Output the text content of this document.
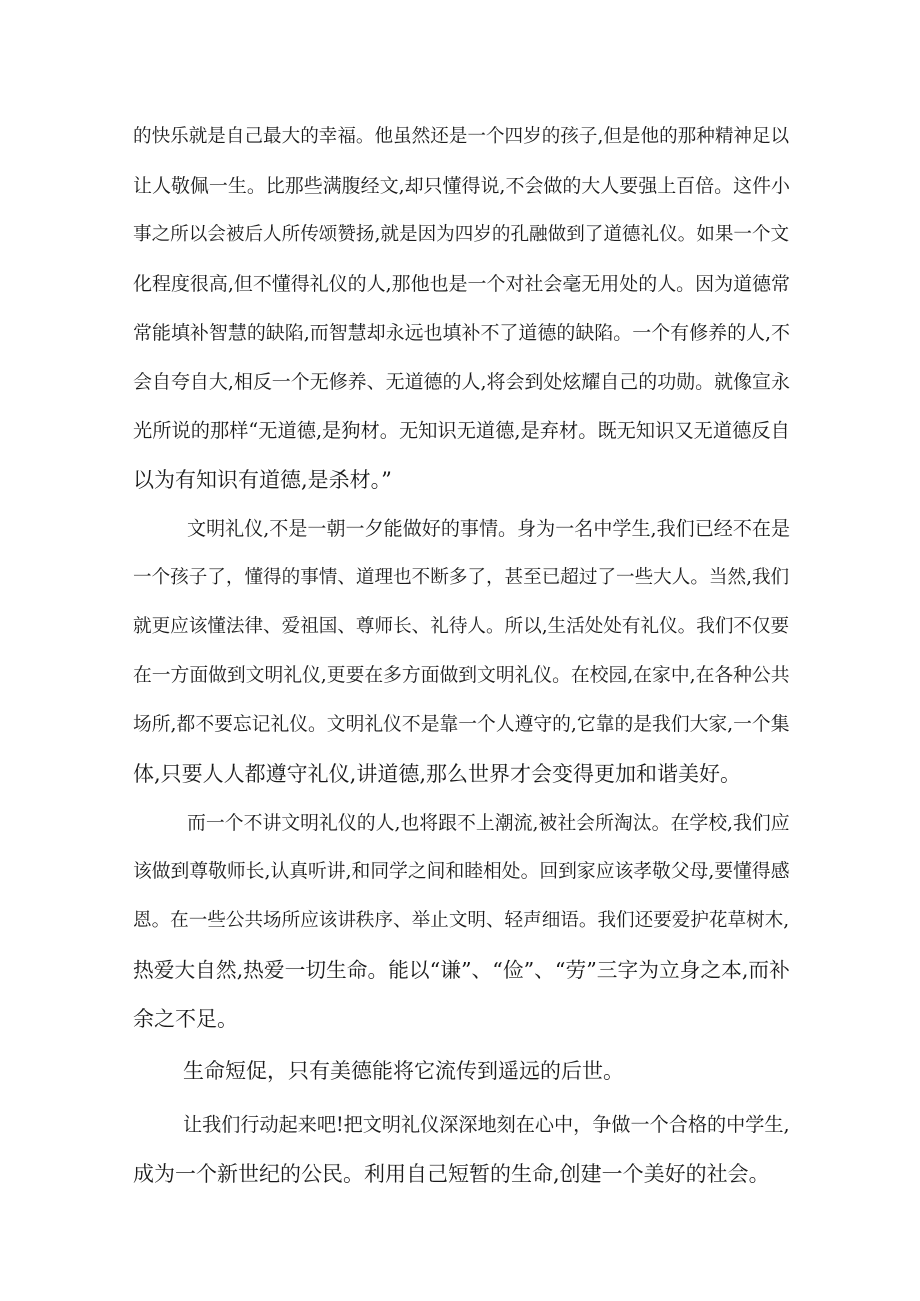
的快乐就是自己最大的幸福。他虽然还是一个四岁的孩子,但是他的那种精神足以
让人敬佩一生。比那些满腹经文,却只懂得说,不会做的大人要强上百倍。这件小
事之所以会被后人所传颂赞扬,就是因为四岁的孔融做到了道德礼仪。如果一个文
化程度很高,但不懂得礼仪的人,那他也是一个对社会毫无用处的人。因为道德常
常能填补智慧的缺陷,而智慧却永远也填补不了道德的缺陷。一个有修养的人,不
会自夸自大,相反一个无修养、无道德的人,将会到处炫耀自己的功勋。就像宣永
光所说的那样“无道德,是狗材。无知识无道德,是弃材。既无知识又无道德反自
以为有知识有道德,是杀材。”
文明礼仪,不是一朝一夕能做好的事情。身为一名中学生,我们已经不在是
一个孩子了，懂得的事情、道理也不断多了，甚至已超过了一些大人。当然,我们
就更应该懂法律、爱祖国、尊师长、礼待人。所以,生活处处有礼仪。我们不仅要
在一方面做到文明礼仪,更要在多方面做到文明礼仪。在校园,在家中,在各种公共
场所,都不要忘记礼仪。文明礼仪不是靠一个人遵守的,它靠的是我们大家,一个集
体,只要人人都遵守礼仪,讲道德,那么世界才会变得更加和谐美好。
而一个不讲文明礼仪的人,也将跟不上潮流,被社会所淘汰。在学校,我们应
该做到尊敬师长,认真听讲,和同学之间和睦相处。回到家应该孝敬父母,要懂得感
恩。在一些公共场所应该讲秩序、举止文明、轻声细语。我们还要爱护花草树木,
热爱大自然,热爱一切生命。能以“谦”、“俭”、“劳”三字为立身之本,而补
余之不足。
生命短促，只有美德能将它流传到遥远的后世。
让我们行动起来吧!把文明礼仪深深地刻在心中，争做一个合格的中学生,
成为一个新世纪的公民。利用自己短暂的生命,创建一个美好的社会。
